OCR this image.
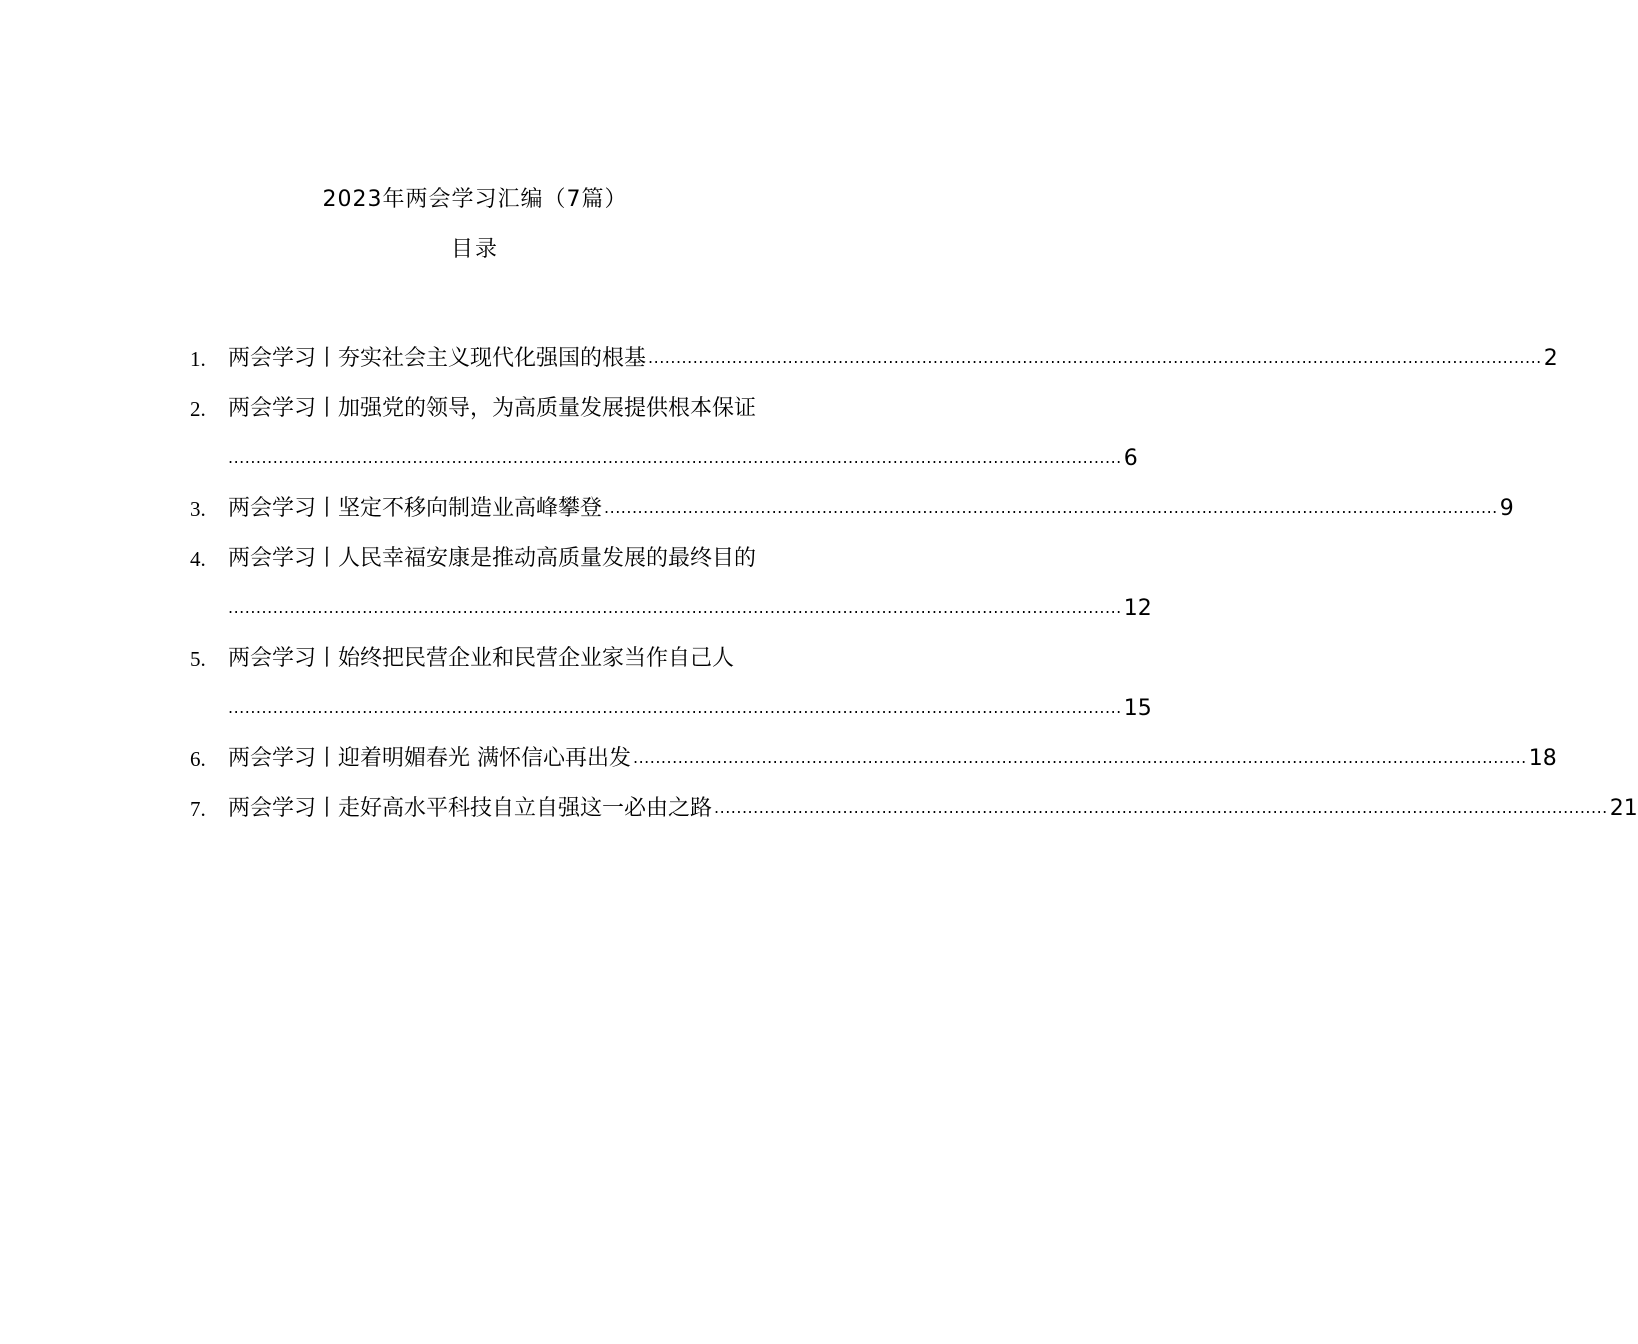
2023年两会学习汇编（7篇）
目录
1.	两会学习丨夯实社会主义现代化强国的根基 .....	2
2.	两会学习丨加强党的领导，为高质量发展提供根本保证
.....
6
3.	两会学习丨坚定不移向制造业高峰攀登 .....	9
4.	两会学习丨人民幸福安康是推动高质量发展的最终目的
.....
12
5.	两会学习丨始终把民营企业和民营企业家当作自己人
.....
15
6.	两会学习丨迎着明媚春光 满怀信心再出发 .....	18
7.	两会学习丨走好高水平科技自立自强这一必由之路 .....	21
